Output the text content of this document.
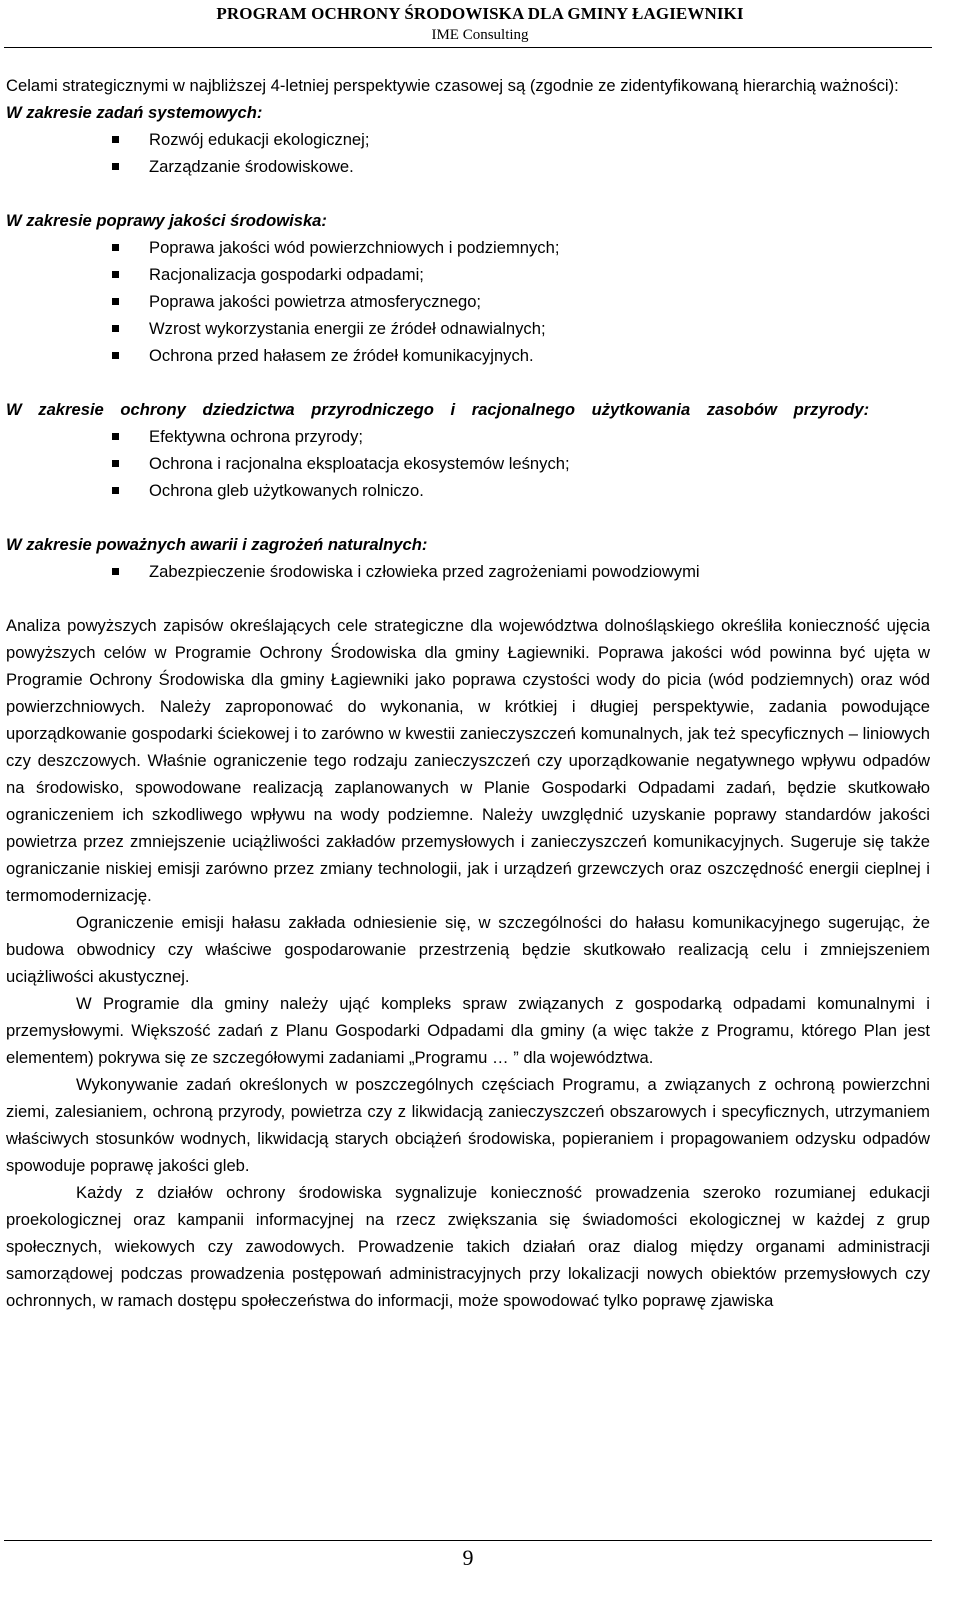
PROGRAM OCHRONY ŚRODOWISKA DLA GMINY ŁAGIEWNIKI
IME Consulting

Celami strategicznymi w najbliższej 4-letniej perspektywie czasowej są (zgodnie ze zidentyfikowaną hierarchią ważności):

W zakresie zadań systemowych:

Rozwój edukacji ekologicznej;
Zarządzanie środowiskowe.

W zakresie poprawy jakości środowiska:

Poprawa jakości wód powierzchniowych i podziemnych;
Racjonalizacja gospodarki odpadami;
Poprawa jakości powietrza atmosferycznego;
Wzrost wykorzystania energii ze źródeł odnawialnych;
Ochrona przed hałasem ze źródeł komunikacyjnych.

W zakresie ochrony dziedzictwa przyrodniczego i racjonalnego użytkowania zasobów przyrody:

Efektywna ochrona przyrody;
Ochrona i racjonalna eksploatacja ekosystemów leśnych;
Ochrona gleb użytkowanych rolniczo.

W zakresie poważnych awarii i zagrożeń naturalnych:

Zabezpieczenie środowiska i człowieka przed zagrożeniami powodziowymi

Analiza powyższych zapisów określających cele strategiczne dla województwa dolnośląskiego określiła konieczność ujęcia powyższych celów w Programie Ochrony Środowiska dla gminy Łagiewniki. Poprawa jakości wód powinna być ujęta w Programie Ochrony Środowiska dla gminy Łagiewniki jako poprawa czystości wody do picia (wód podziemnych) oraz wód powierzchniowych. Należy zaproponować do wykonania, w krótkiej i długiej perspektywie, zadania powodujące uporządkowanie gospodarki ściekowej i to zarówno w kwestii zanieczyszczeń komunalnych, jak też specyficznych – liniowych czy deszczowych. Właśnie ograniczenie tego rodzaju zanieczyszczeń czy uporządkowanie negatywnego wpływu odpadów na środowisko, spowodowane realizacją zaplanowanych w Planie Gospodarki Odpadami zadań, będzie skutkowało ograniczeniem ich szkodliwego wpływu na wody podziemne. Należy uwzględnić uzyskanie poprawy standardów jakości powietrza przez zmniejszenie uciążliwości zakładów przemysłowych i zanieczyszczeń komunikacyjnych. Sugeruje się także ograniczanie niskiej emisji zarówno przez zmiany technologii, jak i urządzeń grzewczych oraz oszczędność energii cieplnej i termomodernizację.

Ograniczenie emisji hałasu zakłada odniesienie się, w szczególności do hałasu komunikacyjnego sugerując, że budowa obwodnicy czy właściwe gospodarowanie przestrzenią będzie skutkowało realizacją celu i zmniejszeniem uciążliwości akustycznej.

W Programie dla gminy należy ująć kompleks spraw związanych z gospodarką odpadami komunalnymi i przemysłowymi. Większość zadań z Planu Gospodarki Odpadami dla gminy (a więc także z Programu, którego Plan jest elementem) pokrywa się ze szczegółowymi zadaniami „Programu … ” dla województwa.

Wykonywanie zadań określonych w poszczególnych częściach Programu, a związanych z ochroną powierzchni ziemi, zalesianiem, ochroną przyrody, powietrza czy z likwidacją zanieczyszczeń obszarowych i specyficznych, utrzymaniem właściwych stosunków wodnych, likwidacją starych obciążeń środowiska, popieraniem i propagowaniem odzysku odpadów spowoduje poprawę jakości gleb.

Każdy z działów ochrony środowiska sygnalizuje konieczność prowadzenia szeroko rozumianej edukacji proekologicznej oraz kampanii informacyjnej na rzecz zwiększania się świadomości ekologicznej w każdej z grup społecznych, wiekowych czy zawodowych. Prowadzenie takich działań oraz dialog między organami administracji samorządowej podczas prowadzenia postępowań administracyjnych przy lokalizacji nowych obiektów przemysłowych czy ochronnych, w ramach dostępu społeczeństwa do informacji, może spowodować tylko poprawę zjawiska

9
